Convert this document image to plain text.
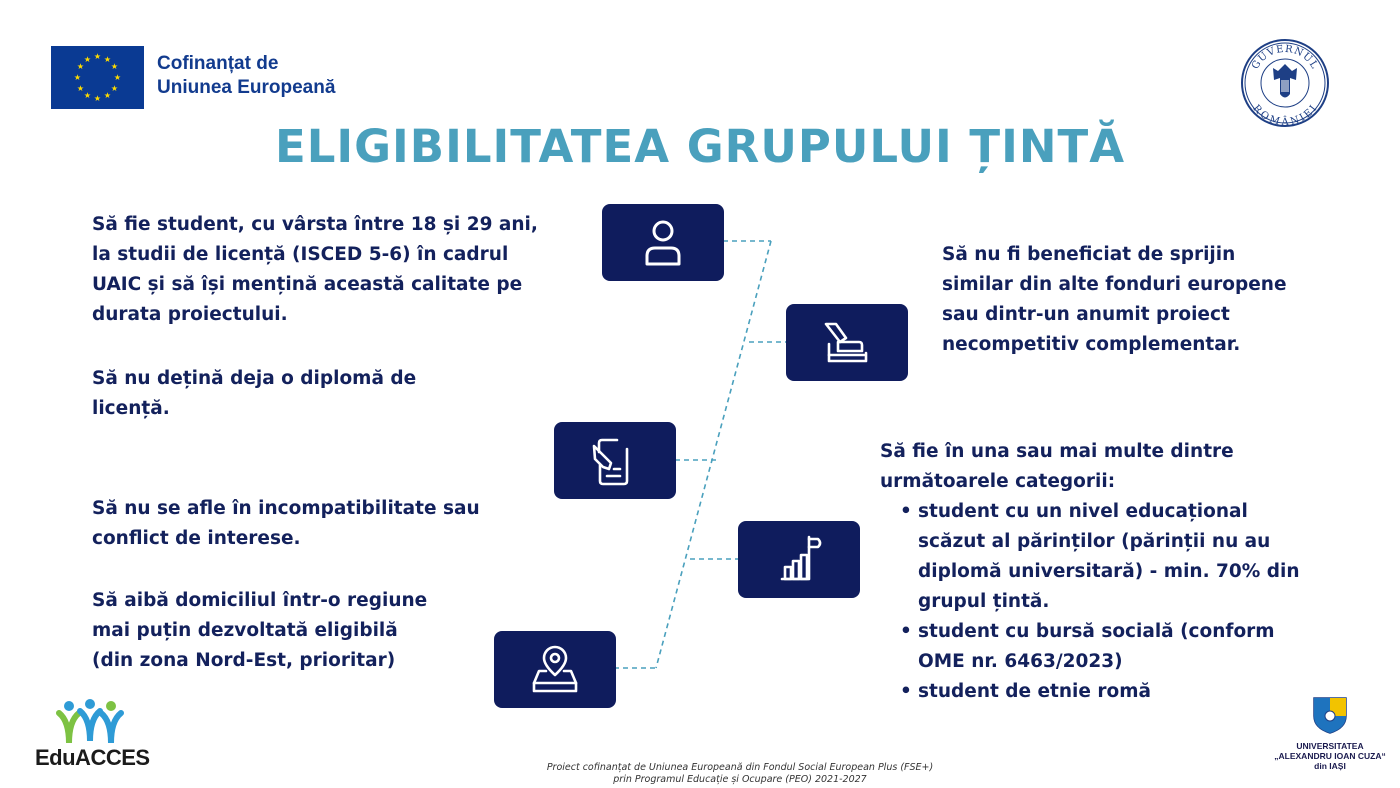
★ ★
★
★
★
★
★
★
★
★
★
★	Cofinanțat de
Uniunea Europeană
GUVERNUL
ROMÂNIEI
ELIGIBILITATEA GRUPULUI ȚINTĂ
Să fie student, cu vârsta între 18 și 29 ani, la studii de licență (ISCED 5-6) în cadrul UAIC și să își mențină această calitate pe durata proiectului.
Să nu dețină deja o diplomă de licență.
Să nu se afle în incompatibilitate sau conflict de interese.
Să aibă domiciliul într-o regiune mai puțin dezvoltată eligibilă (din zona Nord-Est, prioritar)
Să nu fi beneficiat de sprijin similar din alte fonduri europene sau dintr-un anumit proiect necompetitiv complementar.
Să fie în una sau mai multe dintre următoarele categorii:
• student cu un nivel educațional scăzut al părinților (părinții nu au diplomă universitară) - min. 70% din grupul țintă.
• student cu bursă socială (conform OME nr. 6463/2023)
• student de etnie romă
EduACCES	Proiect cofinanțat de Uniunea Europeană din Fondul Social European Plus (FSE+)
prin Programul Educație și Ocupare (PEO) 2021-2027
UNIVERSITATEA
„ALEXANDRU IOAN CUZA“
din IAȘI
